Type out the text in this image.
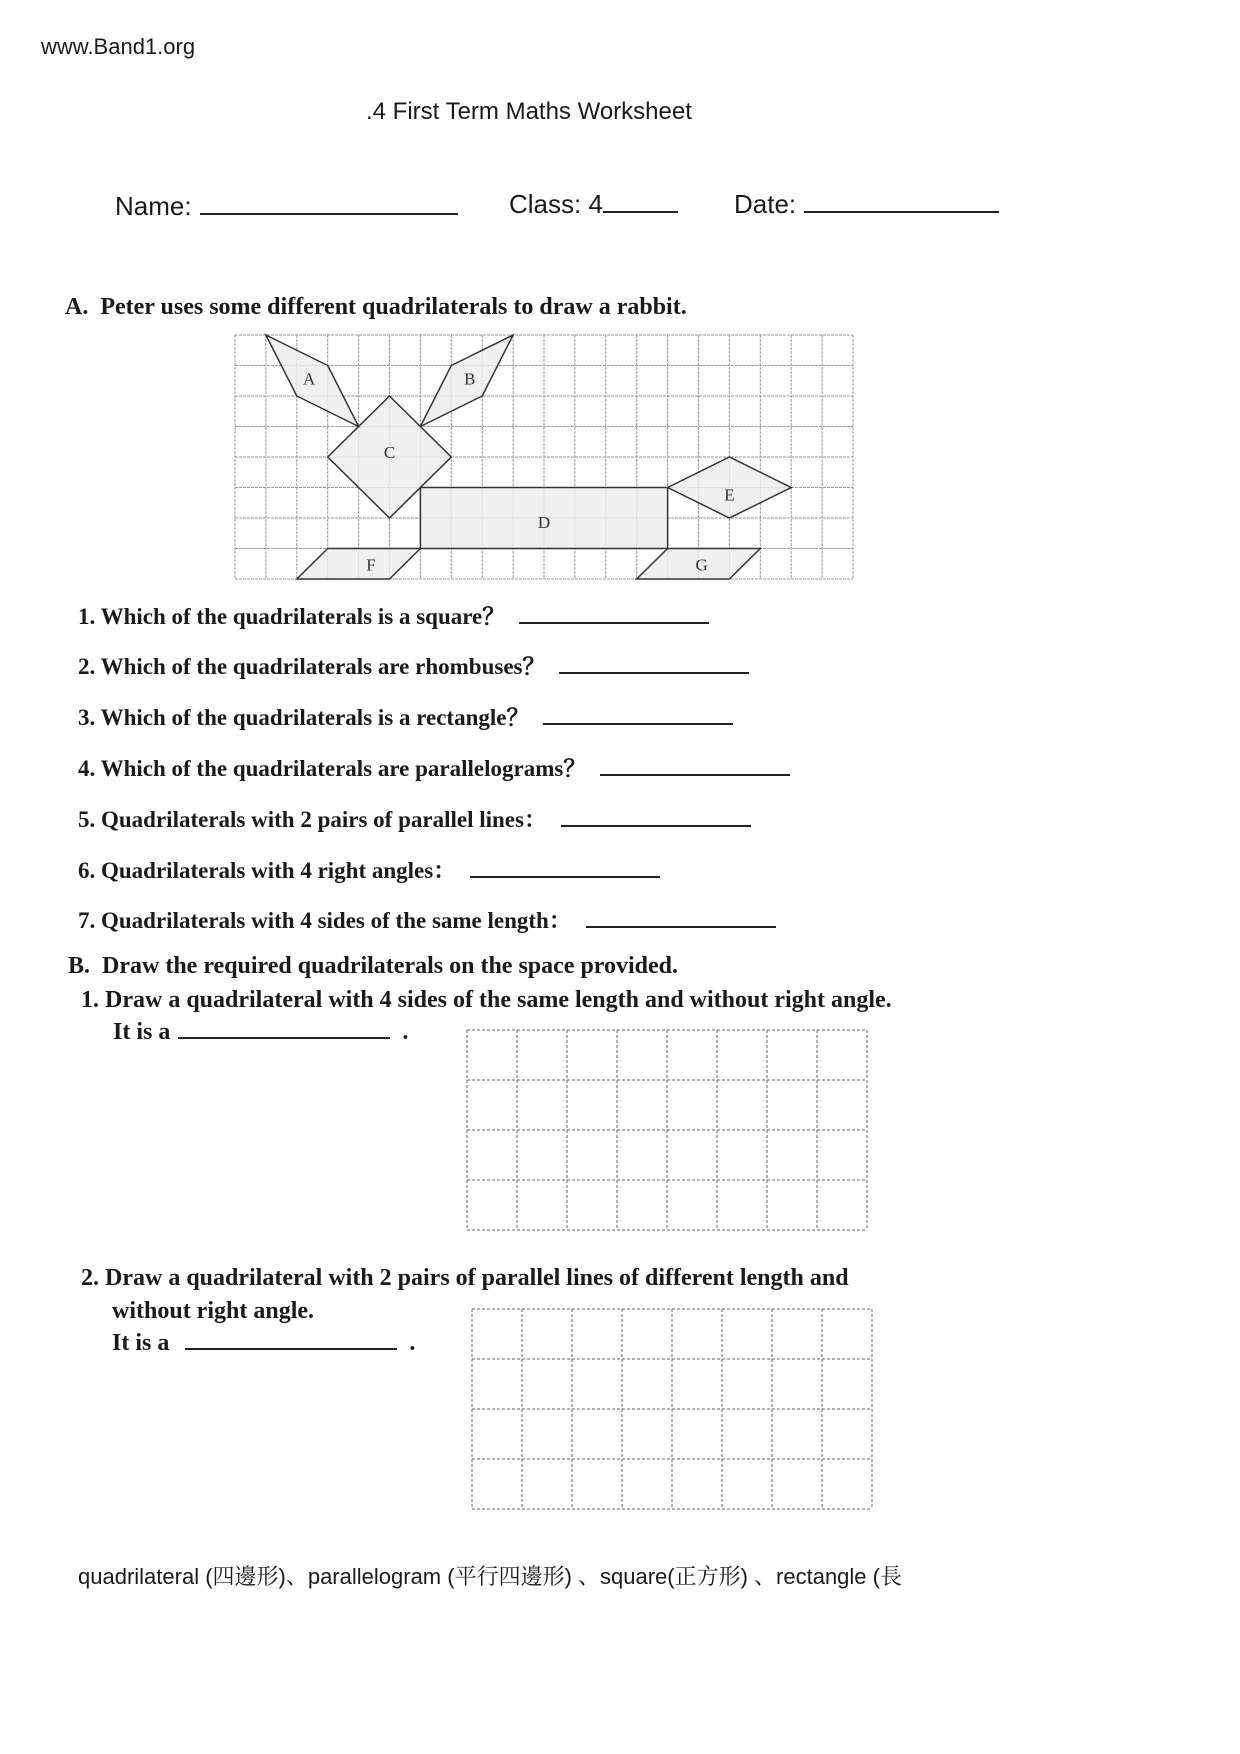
www.Band1.org
.4 First Term Maths Worksheet
Name:	Class: 4	Date:
A. Peter uses some different quadrilaterals to draw a rabbit.
A	B
C
D
E
F	G
1. Which of the quadrilaterals is a square？
2. Which of the quadrilaterals are rhombuses？
3. Which of the quadrilaterals is a rectangle？
4. Which of the quadrilaterals are parallelograms？
5. Quadrilaterals with 2 pairs of parallel lines：
6. Quadrilaterals with 4 right angles：
7. Quadrilaterals with 4 sides of the same length：
B. Draw the required quadrilaterals on the space provided.
1. Draw a quadrilateral with 4 sides of the same length and without right angle.
It is a	.
2. Draw a quadrilateral with 2 pairs of parallel lines of different length and
without right angle.
It is a	.
quadrilateral (四邊形)、parallelogram (平行四邊形) 、square(正方形) 、rectangle (長
